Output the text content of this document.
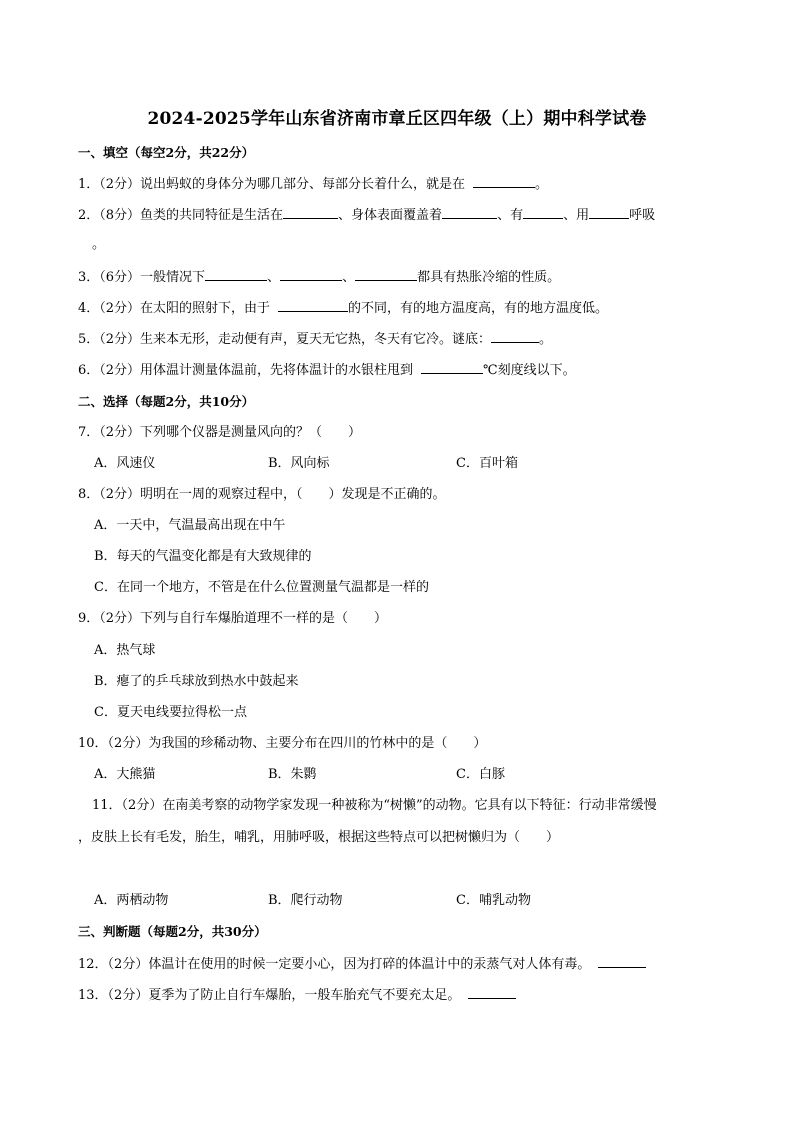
2024-2025学年山东省济南市章丘区四年级（上）期中科学试卷
一、填空（每空2分，共22分）
1．（2分）说出蚂蚁的身体分为哪几部分、每部分长着什么，就是在	。
2．（8分）鱼类的共同特征是生活在	、身体表面覆盖着	、有	、用	呼吸
。
3．（6分）一般情况下	、	、	都具有热胀冷缩的性质。
4．（2分）在太阳的照射下，由于	的不同，有的地方温度高，有的地方温度低。
5．（2分）生来本无形，走动便有声，夏天无它热，冬天有它冷。谜底：	。
6．（2分）用体温计测量体温前，先将体温计的水银柱甩到	℃刻度线以下。
二、选择（每题2分，共10分）
7．（2分）下列哪个仪器是测量风向的？（　　）
A．风速仪	B．风向标	C．百叶箱
8．（2分）明明在一周的观察过程中，（　　）发现是不正确的。
A．一天中，气温最高出现在中午
B．每天的气温变化都是有大致规律的
C．在同一个地方，不管是在什么位置测量气温都是一样的
9．（2分）下列与自行车爆胎道理不一样的是（　　）
A．热气球
B．瘪了的乒乓球放到热水中鼓起来
C．夏天电线要拉得松一点
10．（2分）为我国的珍稀动物、主要分布在四川的竹林中的是（　　）
A．大熊猫	B．朱鹮	C．白豚
11．（2分）在南美考察的动物学家发现一种被称为“树懒”的动物。它具有以下特征：行动非常缓慢
，皮肤上长有毛发，胎生，哺乳，用肺呼吸，根据这些特点可以把树懒归为（　　）
A．两栖动物	B．爬行动物	C．哺乳动物
三、判断题（每题2分，共30分）
12．（2分）体温计在使用的时候一定要小心，因为打碎的体温计中的汞蒸气对人体有毒。
13．（2分）夏季为了防止自行车爆胎，一般车胎充气不要充太足。
